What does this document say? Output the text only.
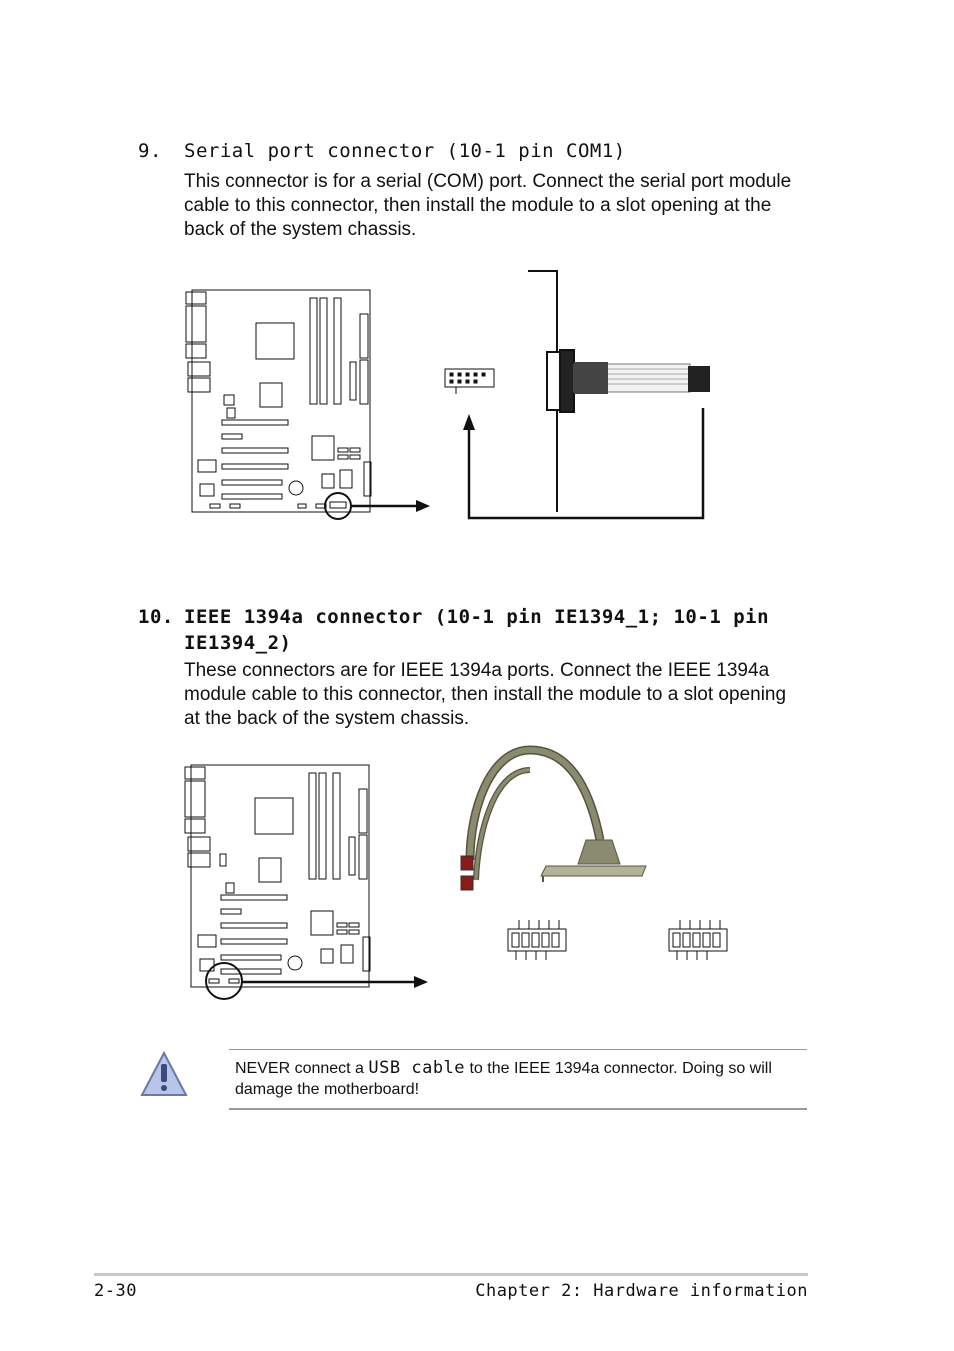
9. Serial port connector (10-1 pin COM1)

This connector is for a serial (COM) port. Connect the serial port module cable to this connector, then install the module to a slot opening at the back of the system chassis.

10. IEEE 1394a connector (10-1 pin IE1394_1; 10-1 pin
IE1394_2)

These connectors are for IEEE 1394a ports. Connect the IEEE 1394a module cable to this connector, then install the module to a slot opening at the back of the system chassis.

NEVER connect a USB cable to the IEEE 1394a connector. Doing so will damage the motherboard!
2-30	Chapter 2: Hardware information
